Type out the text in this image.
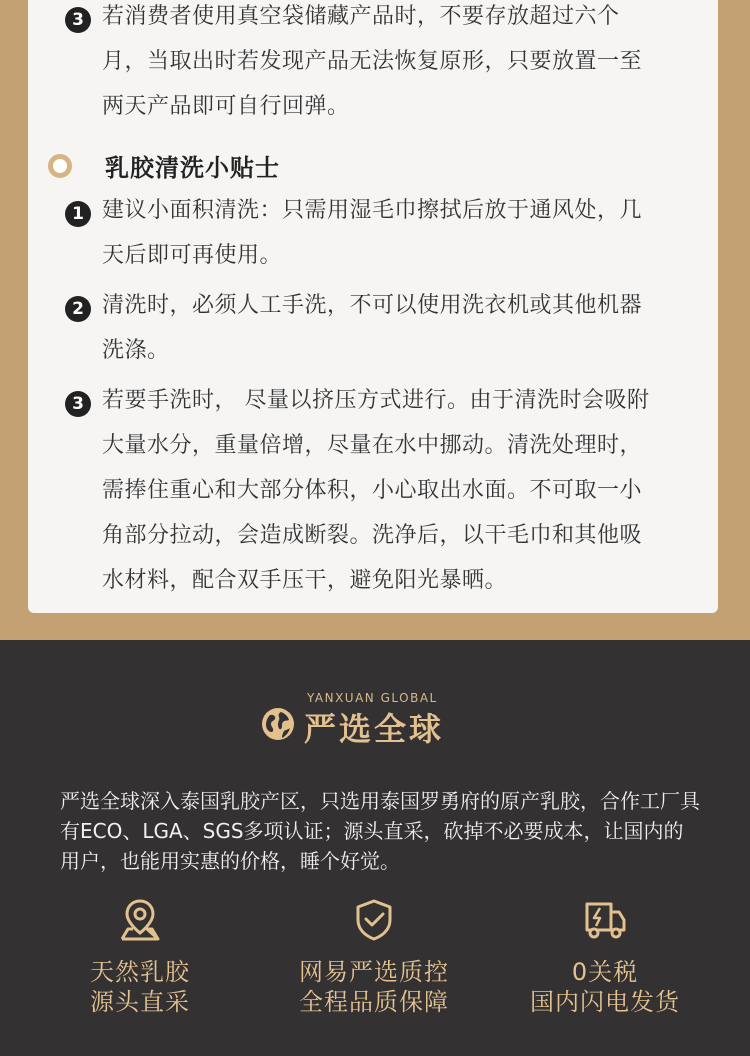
3 若消费者使用真空袋储藏产品时，不要存放超过六个月，当取出时若发现产品无法恢复原形，只要放置一至两天产品即可自行回弹。
乳胶清洗小贴士
1 建议小面积清洗：只需用湿毛巾擦拭后放于通风处，几天后即可再使用。
2 清洗时，必须人工手洗，不可以使用洗衣机或其他机器洗涤。
3 若要手洗时， 尽量以挤压方式进行。由于清洗时会吸附大量水分，重量倍增，尽量在水中挪动。清洗处理时，需捧住重心和大部分体积，小心取出水面。不可取一小角部分拉动，会造成断裂。洗净后，以干毛巾和其他吸水材料，配合双手压干，避免阳光暴晒。
YANXUAN GLOBAL
严选全球
严选全球深入泰国乳胶产区，只选用泰国罗勇府的原产乳胶，合作工厂具有ECO、LGA、SGS多项认证；源头直采，砍掉不必要成本，让国内的用户，也能用实惠的价格，睡个好觉。
天然乳胶
源头直采
网易严选质控
全程品质保障
0关税
国内闪电发货
